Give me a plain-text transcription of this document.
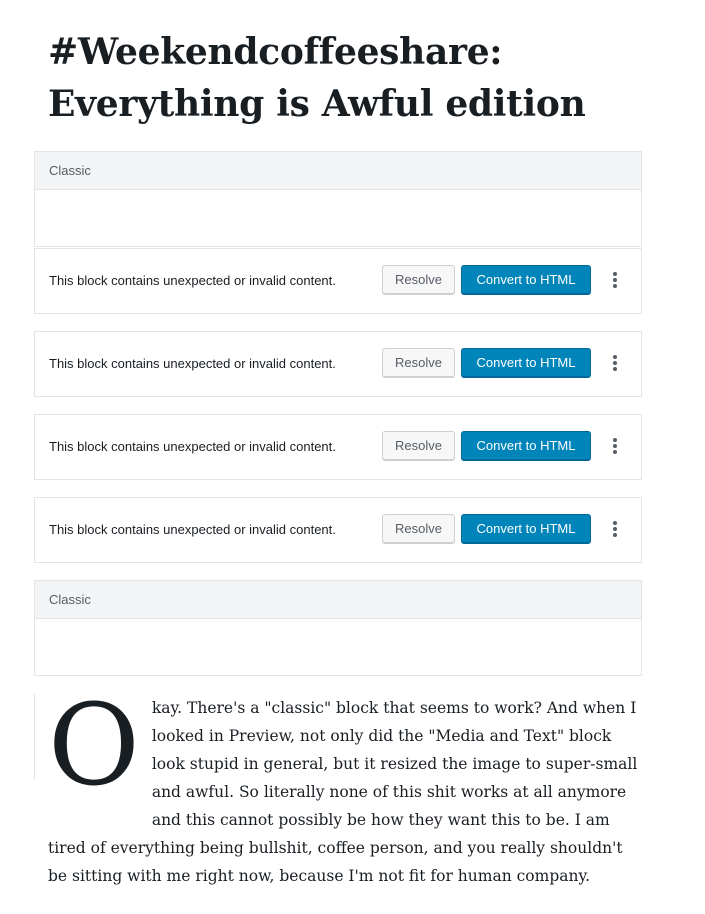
#Weekendcoffeeshare: Everything is Awful edition
Classic
This block contains unexpected or invalid content.	Resolve	Convert to HTML
This block contains unexpected or invalid content.	Resolve	Convert to HTML
This block contains unexpected or invalid content.	Resolve	Convert to HTML
This block contains unexpected or invalid content.	Resolve	Convert to HTML
Classic

Okay. There's a "classic" block that seems to work? And when I looked in Preview, not only did the "Media and Text" block look stupid in general, but it resized the image to super-small and awful. So literally none of this shit works at all anymore and this cannot possibly be how they want this to be. I am tired of everything being bullshit, coffee person, and you really shouldn't be sitting with me right now, because I'm not fit for human company.
